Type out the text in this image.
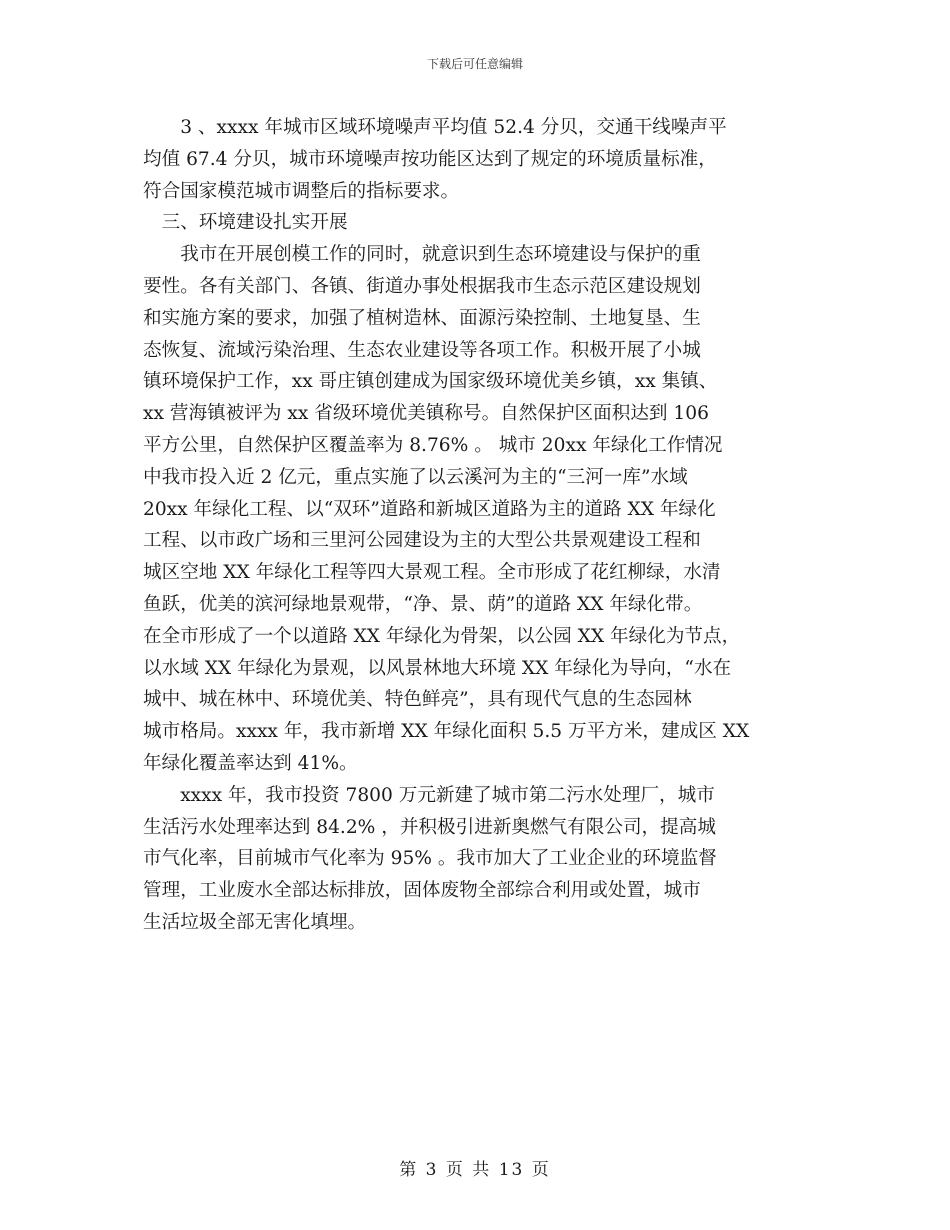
下载后可任意编辑

3 、xxxx 年城市区域环境噪声平均值 52.4 分贝，交通干线噪声平
均值 67.4 分贝，城市环境噪声按功能区达到了规定的环境质量标准，
符合国家模范城市调整后的指标要求。

三、环境建设扎实开展

我市在开展创模工作的同时，就意识到生态环境建设与保护的重
要性。各有关部门、各镇、街道办事处根据我市生态示范区建设规划
和实施方案的要求，加强了植树造林、面源污染控制、土地复垦、生
态恢复、流域污染治理、生态农业建设等各项工作。积极开展了小城
镇环境保护工作，xx 哥庄镇创建成为国家级环境优美乡镇，xx 集镇、
xx 营海镇被评为 xx 省级环境优美镇称号。自然保护区面积达到 106
平方公里，自然保护区覆盖率为 8.76% 。 城市 20xx 年绿化工作情况
中我市投入近 2 亿元，重点实施了以云溪河为主的“三河一库”水域
20xx 年绿化工程、以“双环”道路和新城区道路为主的道路 XX 年绿化
工程、以市政广场和三里河公园建设为主的大型公共景观建设工程和
城区空地 XX 年绿化工程等四大景观工程。全市形成了花红柳绿，水清
鱼跃，优美的滨河绿地景观带，“净、景、荫”的道路 XX 年绿化带。
在全市形成了一个以道路 XX 年绿化为骨架，以公园 XX 年绿化为节点，
以水域 XX 年绿化为景观，以风景林地大环境 XX 年绿化为导向，“水在
城中、城在林中、环境优美、特色鲜亮”，具有现代气息的生态园林
城市格局。xxxx 年，我市新增 XX 年绿化面积 5.5 万平方米，建成区 XX
年绿化覆盖率达到 41%。

xxxx 年，我市投资 7800 万元新建了城市第二污水处理厂，城市
生活污水处理率达到 84.2% ，并积极引进新奥燃气有限公司，提高城
市气化率，目前城市气化率为 95% 。我市加大了工业企业的环境监督
管理，工业废水全部达标排放，固体废物全部综合利用或处置，城市
生活垃圾全部无害化填埋。

第 3 页 共 13 页
